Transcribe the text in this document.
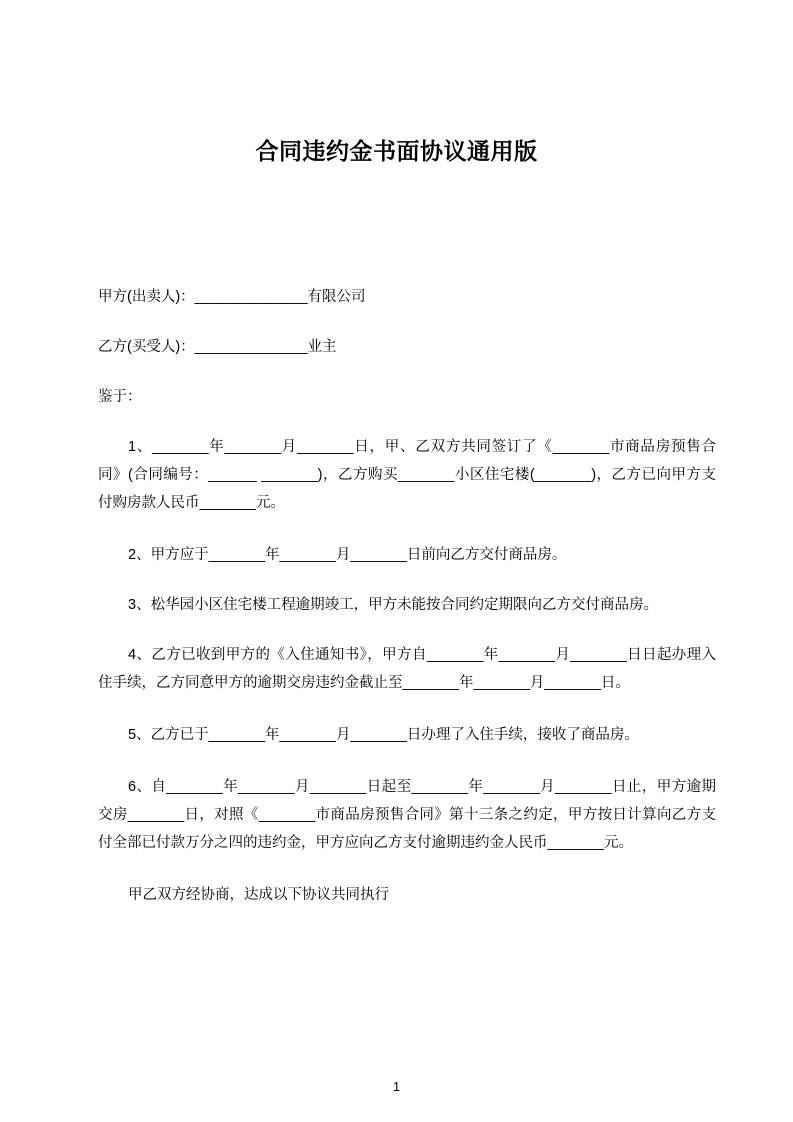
合同违约金书面协议通用版

甲方(出卖人)：______________有限公司

乙方(买受人)：______________业主

鉴于：

1、_______年_______月_______日，甲、乙双方共同签订了《_______市商品房预售合同》(合同编号：______ _______)，乙方购买_______小区住宅楼(_______)，乙方已向甲方支付购房款人民币_______元。

2、甲方应于_______年_______月_______日前向乙方交付商品房。

3、松华园小区住宅楼工程逾期竣工，甲方未能按合同约定期限向乙方交付商品房。

4、乙方已收到甲方的《入住通知书》，甲方自_______年_______月_______日日起办理入住手续，乙方同意甲方的逾期交房违约金截止至_______年_______月_______日。

5、乙方已于_______年_______月_______日办理了入住手续，接收了商品房。

6、自_______年_______月_______日起至_______年_______月_______日止，甲方逾期交房_______日，对照《_______市商品房预售合同》第十三条之约定，甲方按日计算向乙方支付全部已付款万分之四的违约金，甲方应向乙方支付逾期违约金人民币_______元。

甲乙双方经协商，达成以下协议共同执行

1
